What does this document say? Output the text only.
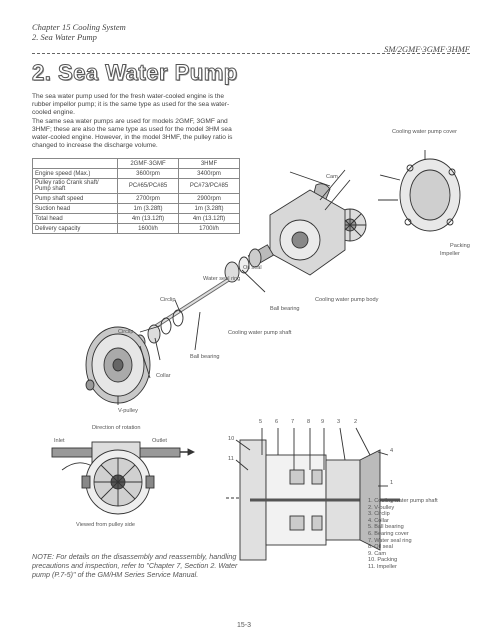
Chapter 15 Cooling System
2. Sea Water Pump
SM/2GMF·3GMF·3HMF
2. Sea Water Pump

The sea water pump used for the fresh water-cooled engine is the rubber impellor pump; it is the same type as used for the sea water-cooled engine.

The same sea water pumps are used for models 2GMF, 3GMF and 3HMF; these are also the same type as used for the model 3HM sea water-cooled engine. However, in the model 3HMF, the pulley ratio is changed to increase the discharge volume.

	2GMF·3GMF	3HMF
Engine speed (Max.)	3600rpm	3400rpm
Pulley ratio Crank shaft/ Pump shaft	PC#65/PC#85	PC#73/PC#85
Pump shaft speed	2700rpm	2900rpm
Suction head	1m (3.28ft)	1m (3.28ft)
Total head	4m (13.12ft)	4m (13.12ft)
Delivery capacity	1600l/h	1700l/h
Cooling water pump cover
Cam
Packing
Impeller
Oil seal
Water seal ring
Cooling water pump body
Ball bearing
Circlip
Circlip	Cooling water pump shaft
Ball bearing
Collar
V-pulley
Direction of rotation
Inlet	Outlet
Viewed from pulley side
5 6 7 8 9 3 2
10
11
4
1
1. Cooling water pump shaft
2. V-pulley
3. Circlip
4. Collar
5. Ball bearing
6. Bearing cover
7. Water seal ring
8. Oil seal
9. Cam
10. Packing
11. Impeller
NOTE: For details on the disassembly and reassembly, handling precautions and inspection, refer to "Chapter 7, Section 2. Water pump (P.7-5)" of the GM/HM Series Service Manual.
15-3
